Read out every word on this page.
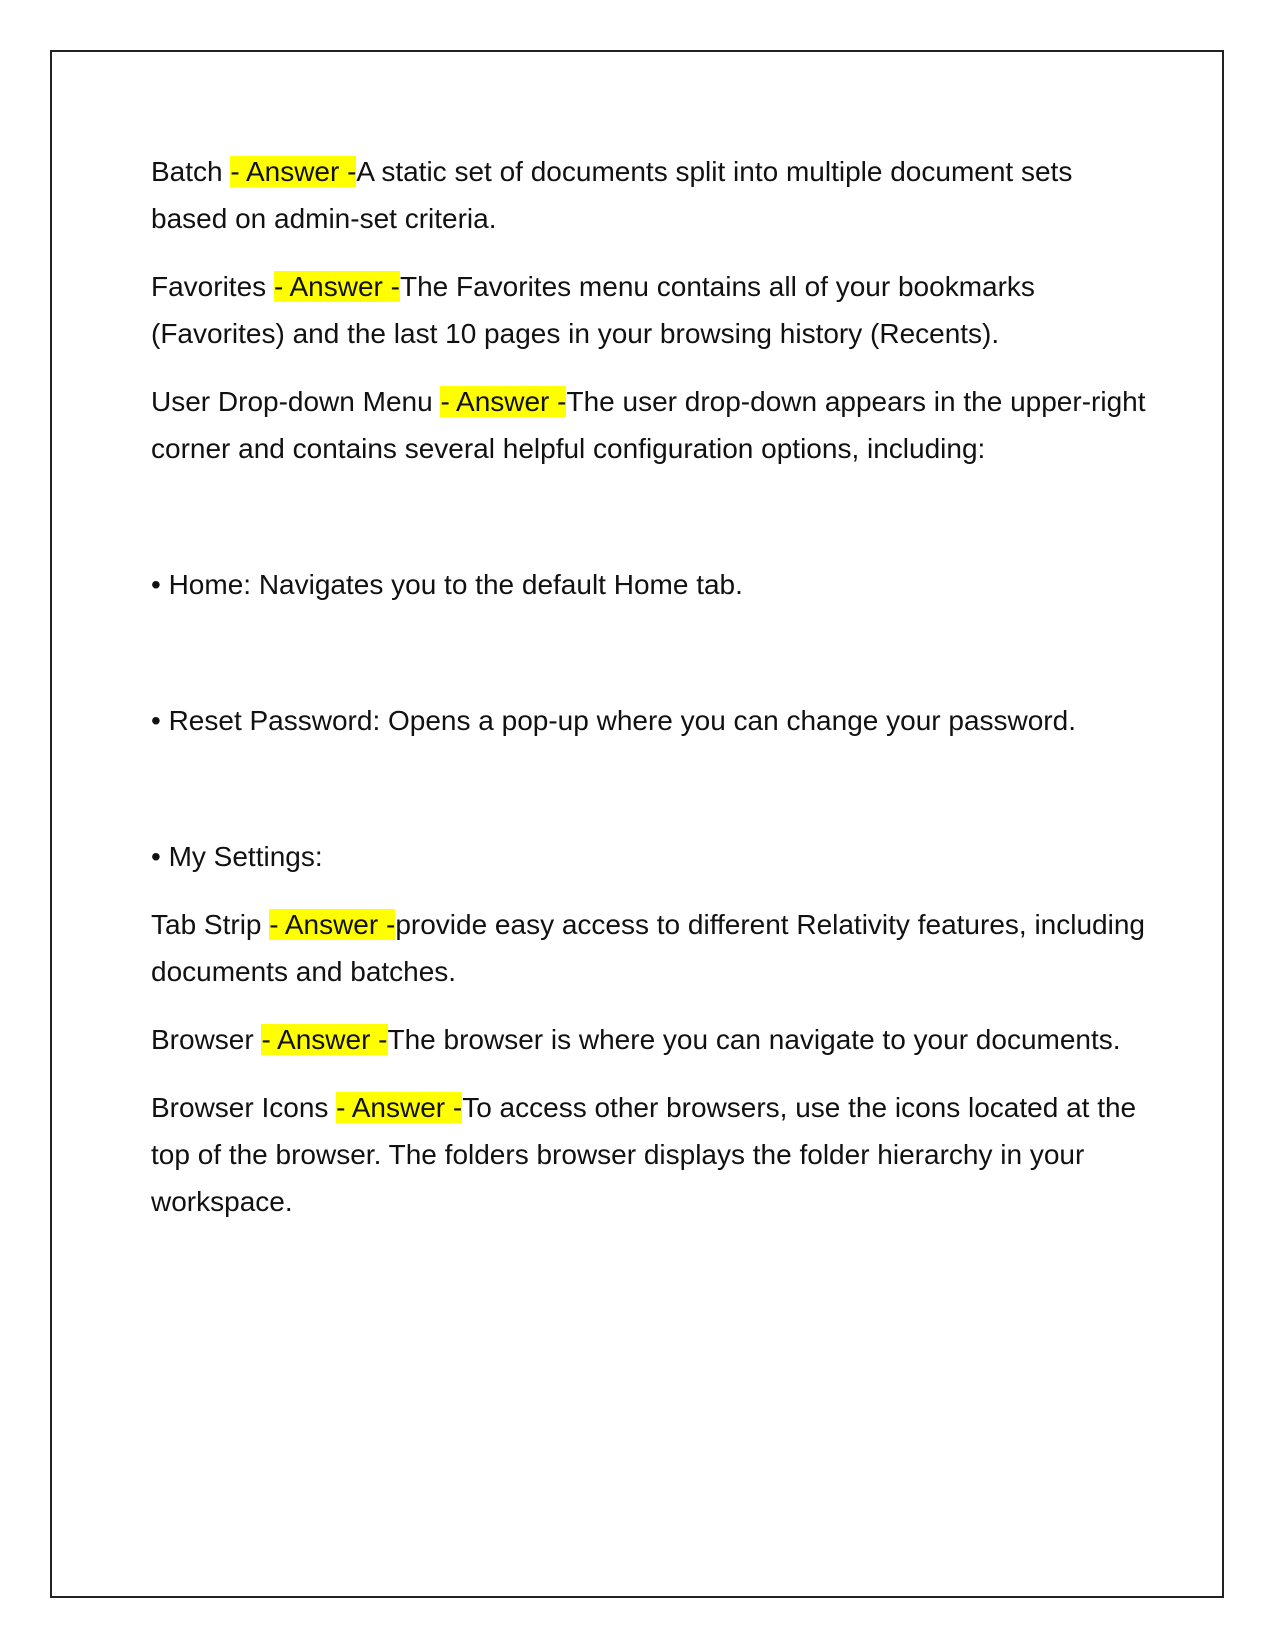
Batch - Answer -A static set of documents split into multiple document sets based on admin-set criteria.

Favorites - Answer -The Favorites menu contains all of your bookmarks (Favorites) and the last 10 pages in your browsing history (Recents).

User Drop-down Menu - Answer -The user drop-down appears in the upper-right corner and contains several helpful configuration options, including:

• Home: Navigates you to the default Home tab.

• Reset Password: Opens a pop-up where you can change your password.

• My Settings:

Tab Strip - Answer -provide easy access to different Relativity features, including documents and batches.

Browser - Answer -The browser is where you can navigate to your documents.

Browser Icons - Answer -To access other browsers, use the icons located at the top of the browser. The folders browser displays the folder hierarchy in your workspace.
